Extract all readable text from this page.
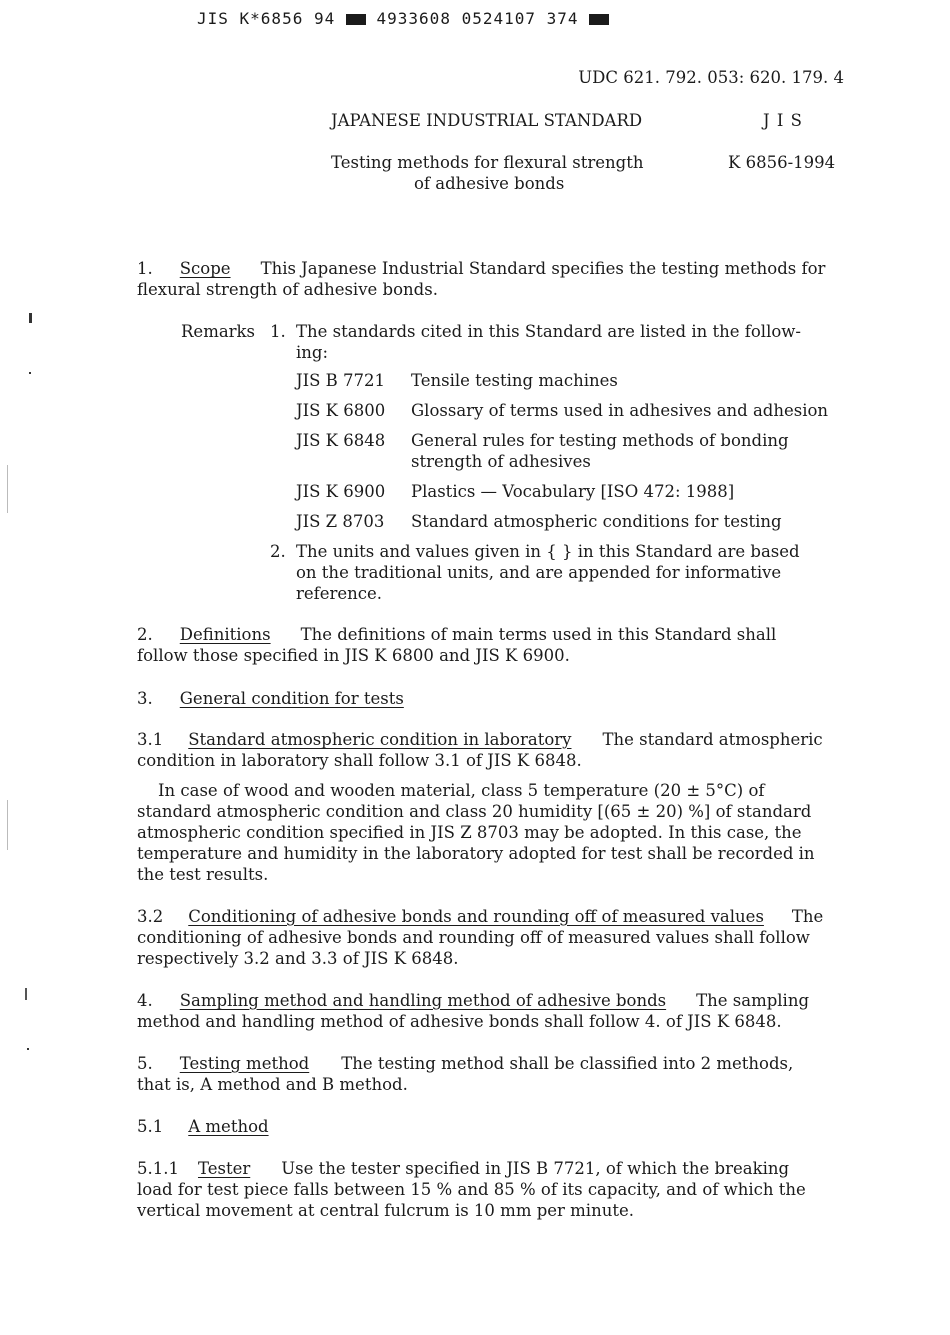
JIS K*6856 94	4933608 0524107 374
UDC 621. 792. 053: 620. 179. 4
JAPANESE INDUSTRIAL STANDARD	J I S
Testing methods for flexural strength
of adhesive bonds
K 6856-1994
1. Scope This Japanese Industrial Standard specifies the testing methods for
flexural strength of adhesive bonds.
Remarks 1. The standards cited in this Standard are listed in the follow-
ing:
JIS B 7721 Tensile testing machines
JIS K 6800 Glossary of terms used in adhesives and adhesion
JIS K 6848 General rules for testing methods of bonding
strength of adhesives
JIS K 6900 Plastics — Vocabulary [ISO 472: 1988]
JIS Z 8703 Standard atmospheric conditions for testing
2. The units and values given in { } in this Standard are based
on the traditional units, and are appended for informative
reference.
2. Definitions The definitions of main terms used in this Standard shall
follow those specified in JIS K 6800 and JIS K 6900.
3. General condition for tests
3.1 Standard atmospheric condition in laboratory The standard atmospheric
condition in laboratory shall follow 3.1 of JIS K 6848.
In case of wood and wooden material, class 5 temperature (20 ± 5°C) of
standard atmospheric condition and class 20 humidity [(65 ± 20) %] of standard
atmospheric condition specified in JIS Z 8703 may be adopted. In this case, the
temperature and humidity in the laboratory adopted for test shall be recorded in
the test results.
3.2 Conditioning of adhesive bonds and rounding off of measured values The
conditioning of adhesive bonds and rounding off of measured values shall follow
respectively 3.2 and 3.3 of JIS K 6848.
4. Sampling method and handling method of adhesive bonds The sampling
method and handling method of adhesive bonds shall follow 4. of JIS K 6848.
5. Testing method The testing method shall be classified into 2 methods,
that is, A method and B method.
5.1 A method
5.1.1 Tester Use the tester specified in JIS B 7721, of which the breaking
load for test piece falls between 15 % and 85 % of its capacity, and of which the
vertical movement at central fulcrum is 10 mm per minute.
